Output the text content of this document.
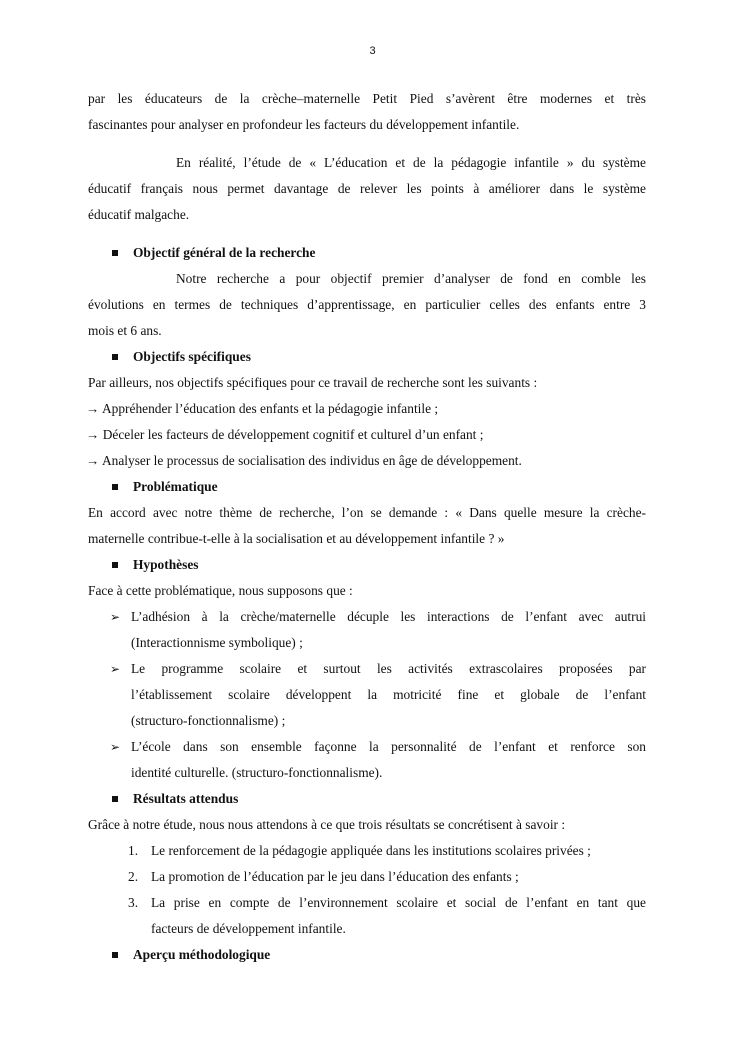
3
par les éducateurs de la crèche–maternelle Petit Pied s’avèrent être modernes et très
fascinantes pour analyser en profondeur les facteurs du développement infantile.
En réalité, l’étude de « L’éducation et de la pédagogie infantile » du système
éducatif français nous permet davantage de relever les points à améliorer dans le système
éducatif malgache.
Objectif général de la recherche
Notre recherche a pour objectif premier d’analyser de fond en comble les
évolutions en termes de techniques d’apprentissage, en particulier celles des enfants entre 3
mois et 6 ans.
Objectifs spécifiques
Par ailleurs, nos objectifs spécifiques pour ce travail de recherche sont les suivants :
→ Appréhender l’éducation des enfants et la pédagogie infantile ;
→ Déceler les facteurs de développement cognitif et culturel d’un enfant ;
→ Analyser le processus de socialisation des individus en âge de développement.
Problématique
En accord avec notre thème de recherche, l’on se demande : « Dans quelle mesure la crèche-
maternelle contribue-t-elle à la socialisation et au développement infantile ? »
Hypothèses
Face à cette problématique, nous supposons que :
➢ L’adhésion à la crèche/maternelle décuple les interactions de l’enfant avec autrui
(Interactionnisme symbolique) ;
➢ Le programme scolaire et surtout les activités extrascolaires proposées par
l’établissement scolaire développent la motricité fine et globale de l’enfant
(structuro-fonctionnalisme) ;
➢ L’école dans son ensemble façonne la personnalité de l’enfant et renforce son
identité culturelle. (structuro-fonctionnalisme).
Résultats attendus
Grâce à notre étude, nous nous attendons à ce que trois résultats se concrétisent à savoir :
1. Le renforcement de la pédagogie appliquée dans les institutions scolaires privées ;
2. La promotion de l’éducation par le jeu dans l’éducation des enfants ;
3. La prise en compte de l’environnement scolaire et social de l’enfant en tant que
facteurs de développement infantile.
Aperçu méthodologique
